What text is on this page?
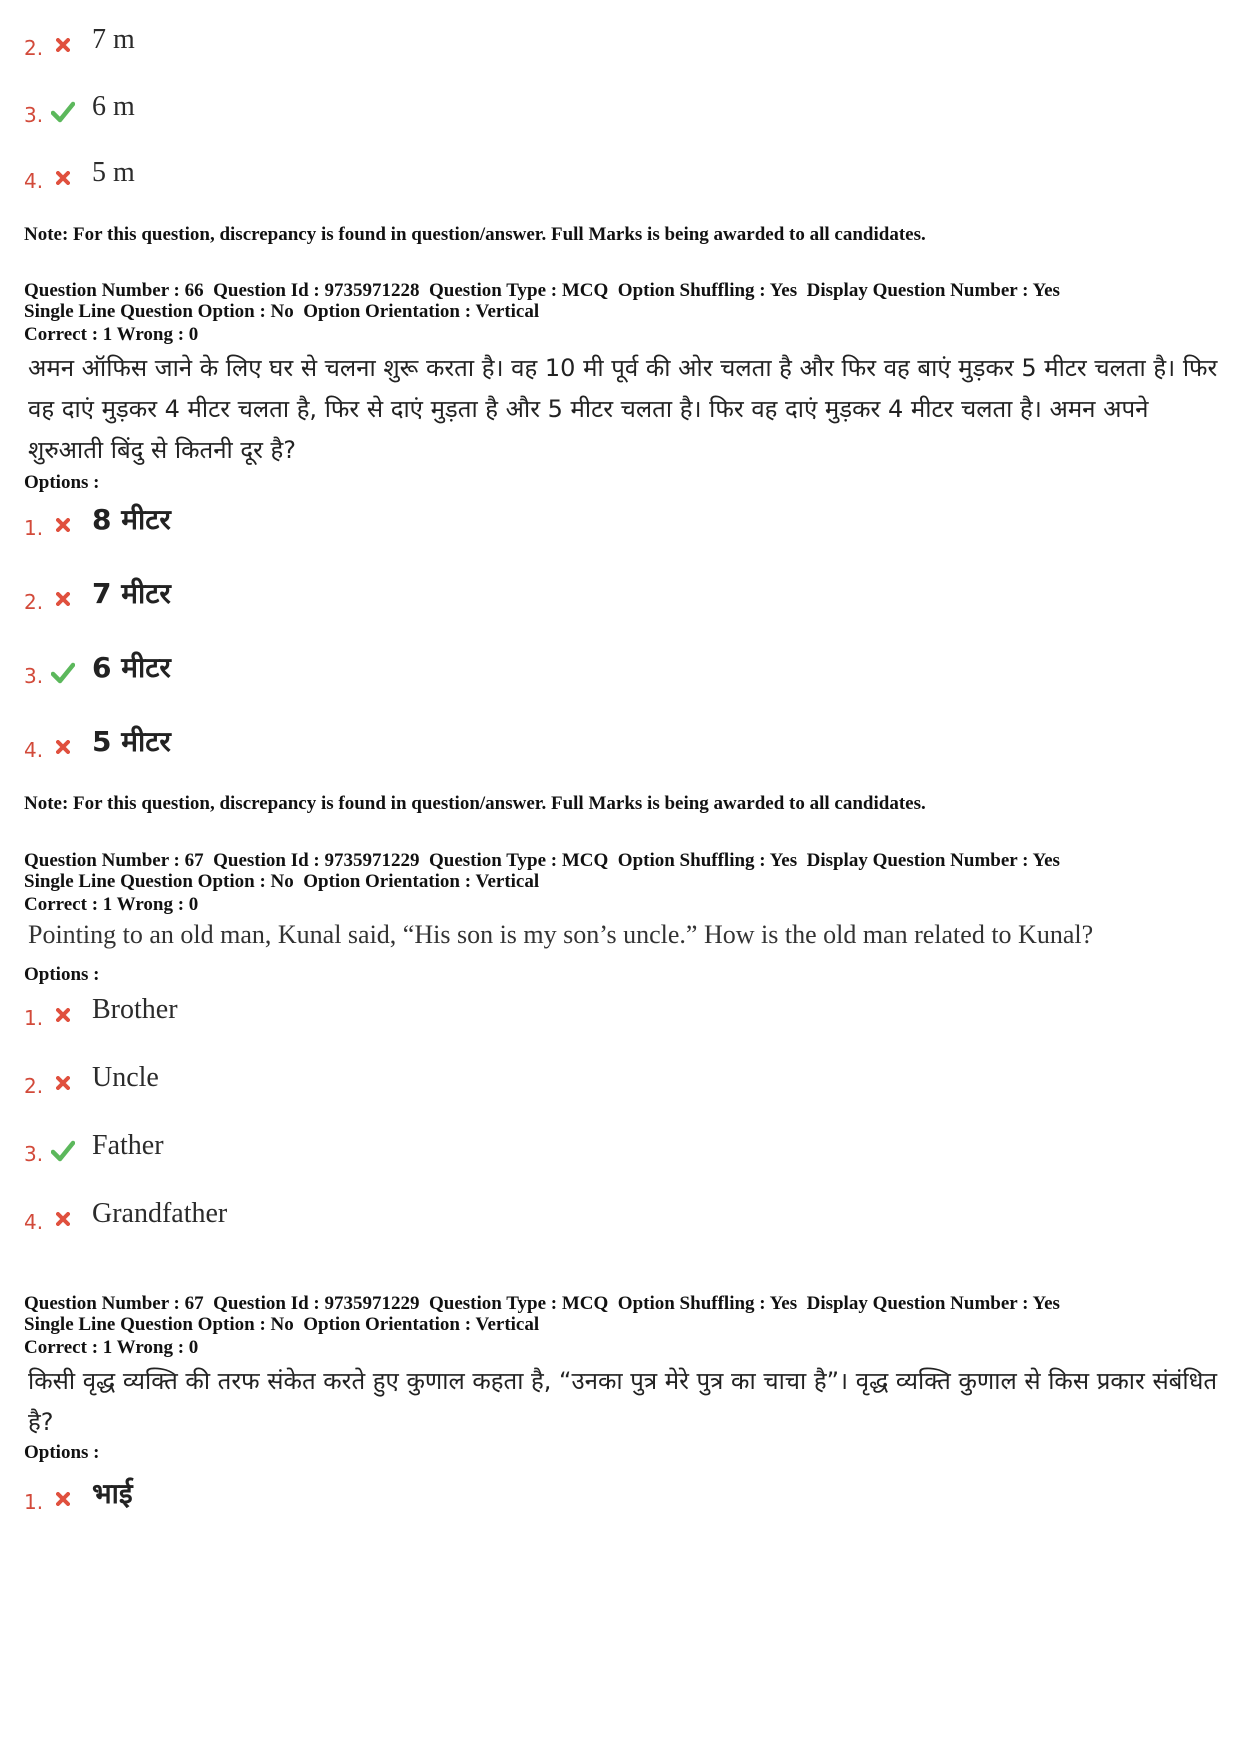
2. 7 m
3. 6 m
4. 5 m
Note: For this question, discrepancy is found in question/answer. Full Marks is being awarded to all candidates.
Question Number : 66  Question Id : 9735971228  Question Type : MCQ  Option Shuffling : Yes  Display Question Number : Yes
Single Line Question Option : No  Option Orientation : Vertical
Correct : 1 Wrong : 0
अमन ऑफिस जाने के लिए घर से चलना शुरू करता है। वह 10 मी पूर्व की ओर चलता है और फिर वह बाएं मुड़कर 5 मीटर चलता है। फिर वह दाएं मुड़कर 4 मीटर चलता है, फिर से दाएं मुड़ता है और 5 मीटर चलता है। फिर वह दाएं मुड़कर 4 मीटर चलता है। अमन अपने शुरुआती बिंदु से कितनी दूर है?
Options :
1. 8 मीटर
2. 7 मीटर
3. 6 मीटर
4. 5 मीटर
Note: For this question, discrepancy is found in question/answer. Full Marks is being awarded to all candidates.
Question Number : 67  Question Id : 9735971229  Question Type : MCQ  Option Shuffling : Yes  Display Question Number : Yes
Single Line Question Option : No  Option Orientation : Vertical
Correct : 1 Wrong : 0
Pointing to an old man, Kunal said, “His son is my son’s uncle.” How is the old man related to Kunal?
Options :
1. Brother
2. Uncle
3. Father
4. Grandfather
Question Number : 67  Question Id : 9735971229  Question Type : MCQ  Option Shuffling : Yes  Display Question Number : Yes
Single Line Question Option : No  Option Orientation : Vertical
Correct : 1 Wrong : 0
किसी वृद्ध व्यक्ति की तरफ संकेत करते हुए कुणाल कहता है, “उनका पुत्र मेरे पुत्र का चाचा है”। वृद्ध व्यक्ति कुणाल से किस प्रकार संबंधित है?
Options :
1. भाई
